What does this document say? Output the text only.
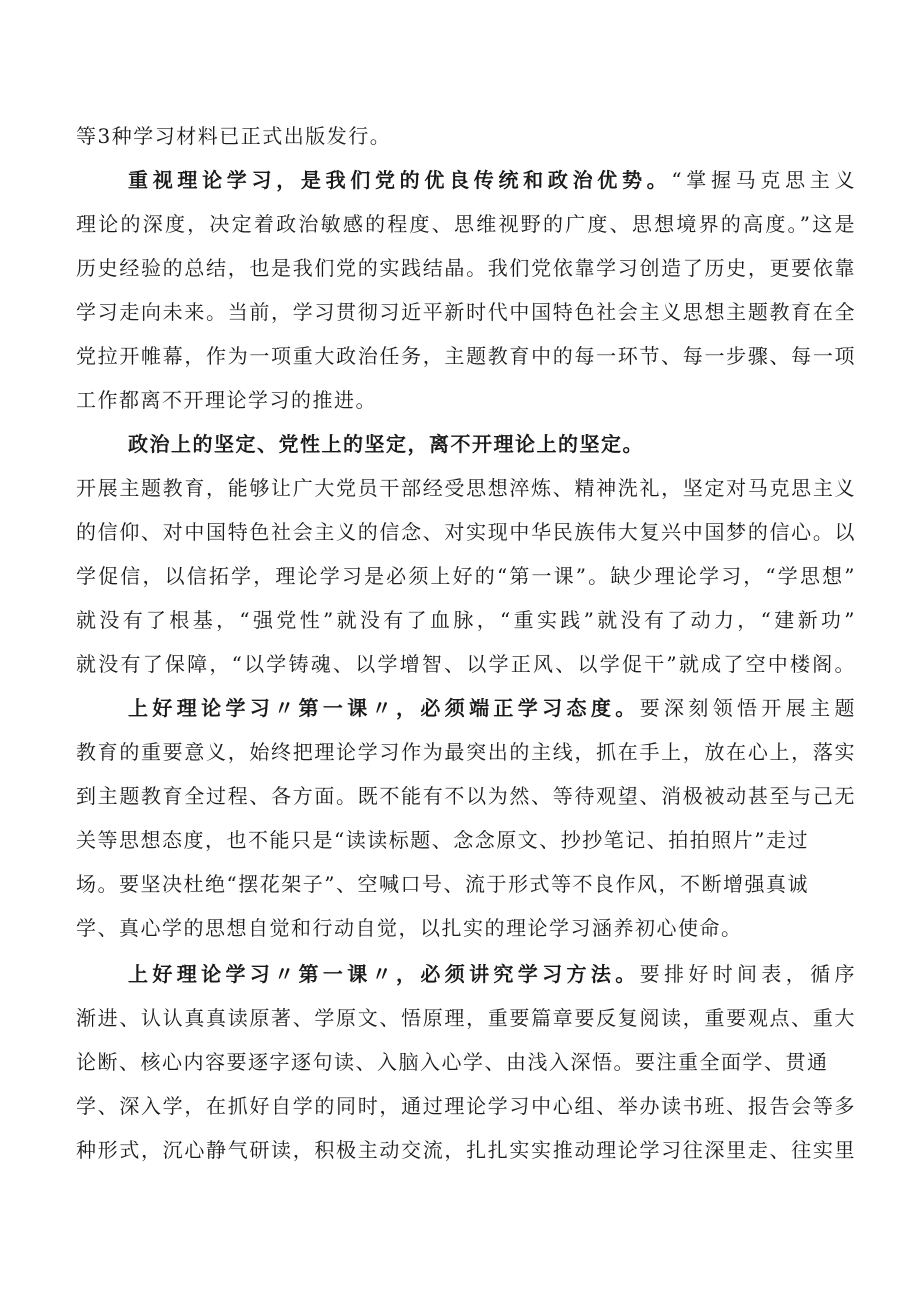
等3种学习材料已正式出版发行。
重视理论学习，是我们党的优良传统和政治优势。“掌握马克思主义
理论的深度，决定着政治敏感的程度、思维视野的广度、思想境界的高度。”这是
历史经验的总结，也是我们党的实践结晶。我们党依靠学习创造了历史，更要依靠
学习走向未来。当前，学习贯彻习近平新时代中国特色社会主义思想主题教育在全
党拉开帷幕，作为一项重大政治任务，主题教育中的每一环节、每一步骤、每一项
工作都离不开理论学习的推进。
政治上的坚定、党性上的坚定，离不开理论上的坚定。
开展主题教育，能够让广大党员干部经受思想淬炼、精神洗礼，坚定对马克思主义
的信仰、对中国特色社会主义的信念、对实现中华民族伟大复兴中国梦的信心。以
学促信，以信拓学，理论学习是必须上好的“第一课”。缺少理论学习，“学思想”
就没有了根基，“强党性”就没有了血脉，“重实践”就没有了动力，“建新功”
就没有了保障，“以学铸魂、以学增智、以学正风、以学促干”就成了空中楼阁。
上好理论学习〃第一课〃，必须端正学习态度。要深刻领悟开展主题
教育的重要意义，始终把理论学习作为最突出的主线，抓在手上，放在心上，落实
到主题教育全过程、各方面。既不能有不以为然、等待观望、消极被动甚至与己无
关等思想态度，也不能只是“读读标题、念念原文、抄抄笔记、拍拍照片”走过
场。要坚决杜绝“摆花架子”、空喊口号、流于形式等不良作风，不断增强真诚
学、真心学的思想自觉和行动自觉，以扎实的理论学习涵养初心使命。
上好理论学习〃第一课〃，必须讲究学习方法。要排好时间表，循序
渐进、认认真真读原著、学原文、悟原理，重要篇章要反复阅读，重要观点、重大
论断、核心内容要逐字逐句读、入脑入心学、由浅入深悟。要注重全面学、贯通
学、深入学，在抓好自学的同时，通过理论学习中心组、举办读书班、报告会等多
种形式，沉心静气研读，积极主动交流，扎扎实实推动理论学习往深里走、往实里
